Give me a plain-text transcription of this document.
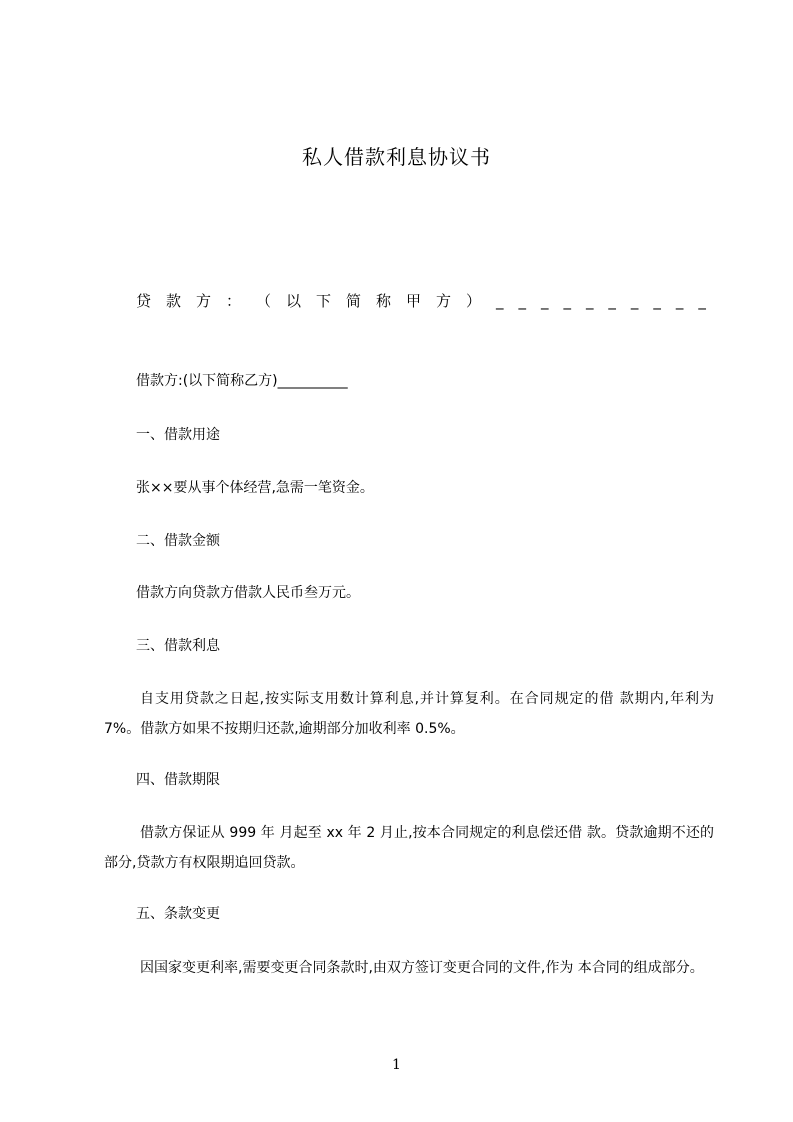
私人借款利息协议书
贷 款 方 ： （ 以 下 简 称 甲 方 ） _ _ _ _ _ _ _ _ _ _
借款方:(以下简称乙方)__________
一、借款用途
张××要从事个体经营,急需一笔资金。
二、借款金额
借款方向贷款方借款人民币叁万元。
三、借款利息
自支用贷款之日起,按实际支用数计算利息,并计算复利。在合同规定的借 款期内,年利为 7%。借款方如果不按期归还款,逾期部分加收利率 0.5%。
四、借款期限
借款方保证从 999 年 月起至 xx 年 2 月止,按本合同规定的利息偿还借 款。贷款逾期不还的部分,贷款方有权限期追回贷款。
五、条款变更
因国家变更利率,需要变更合同条款时,由双方签订变更合同的文件,作为 本合同的组成部分。
1
